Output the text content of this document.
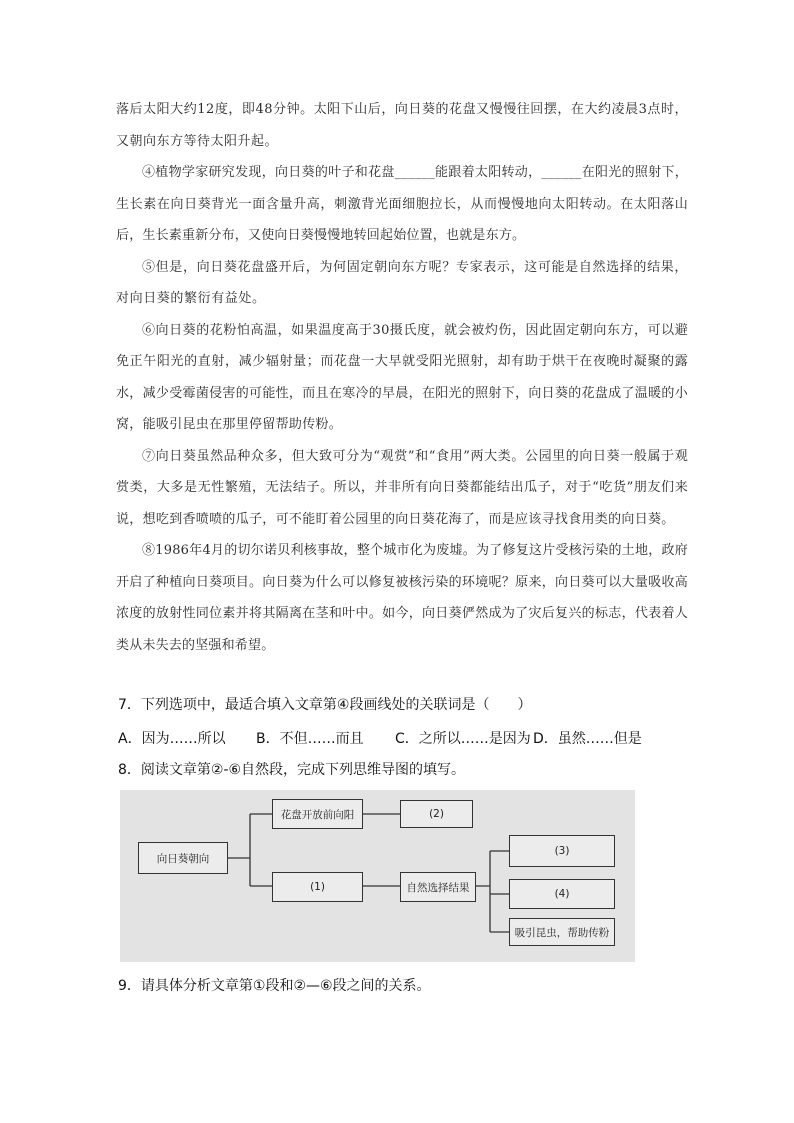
落后太阳大约12度，即48分钟。太阳下山后，向日葵的花盘又慢慢往回摆，在大约凌晨3点时，又朝向东方等待太阳升起。

④植物学家研究发现，向日葵的叶子和花盘______能跟着太阳转动，______在阳光的照射下，生长素在向日葵背光一面含量升高，刺激背光面细胞拉长，从而慢慢地向太阳转动。在太阳落山后，生长素重新分布，又使向日葵慢慢地转回起始位置，也就是东方。

⑤但是，向日葵花盘盛开后，为何固定朝向东方呢？专家表示，这可能是自然选择的结果，对向日葵的繁衍有益处。

⑥向日葵的花粉怕高温，如果温度高于30摄氏度，就会被灼伤，因此固定朝向东方，可以避免正午阳光的直射，减少辐射量；而花盘一大早就受阳光照射，却有助于烘干在夜晚时凝聚的露水，减少受霉菌侵害的可能性，而且在寒冷的早晨，在阳光的照射下，向日葵的花盘成了温暖的小窝，能吸引昆虫在那里停留帮助传粉。

⑦向日葵虽然品种众多，但大致可分为“观赏”和“食用”两大类。公园里的向日葵一般属于观赏类，大多是无性繁殖，无法结子。所以，并非所有向日葵都能结出瓜子，对于“吃货”朋友们来说，想吃到香喷喷的瓜子，可不能盯着公园里的向日葵花海了，而是应该寻找食用类的向日葵。

⑧1986年4月的切尔诺贝利核事故，整个城市化为废墟。为了修复这片受核污染的土地，政府开启了种植向日葵项目。向日葵为什么可以修复被核污染的环境呢？原来，向日葵可以大量吸收高浓度的放射性同位素并将其隔离在茎和叶中。如今，向日葵俨然成为了灾后复兴的标志，代表着人类从未失去的坚强和希望。

7．下列选项中，最适合填入文章第④段画线处的关联词是（　　）
A．因为……所以 B．不但……而且 C．之所以……是因为 D．虽然……但是
8．阅读文章第②-⑥自然段，完成下列思维导图的填写。
向日葵朝向
花盘开放前向阳	(2)
(1)	自然选择结果
(3)
(4)
吸引昆虫，帮助传粉
9．请具体分析文章第①段和②—⑥段之间的关系。
